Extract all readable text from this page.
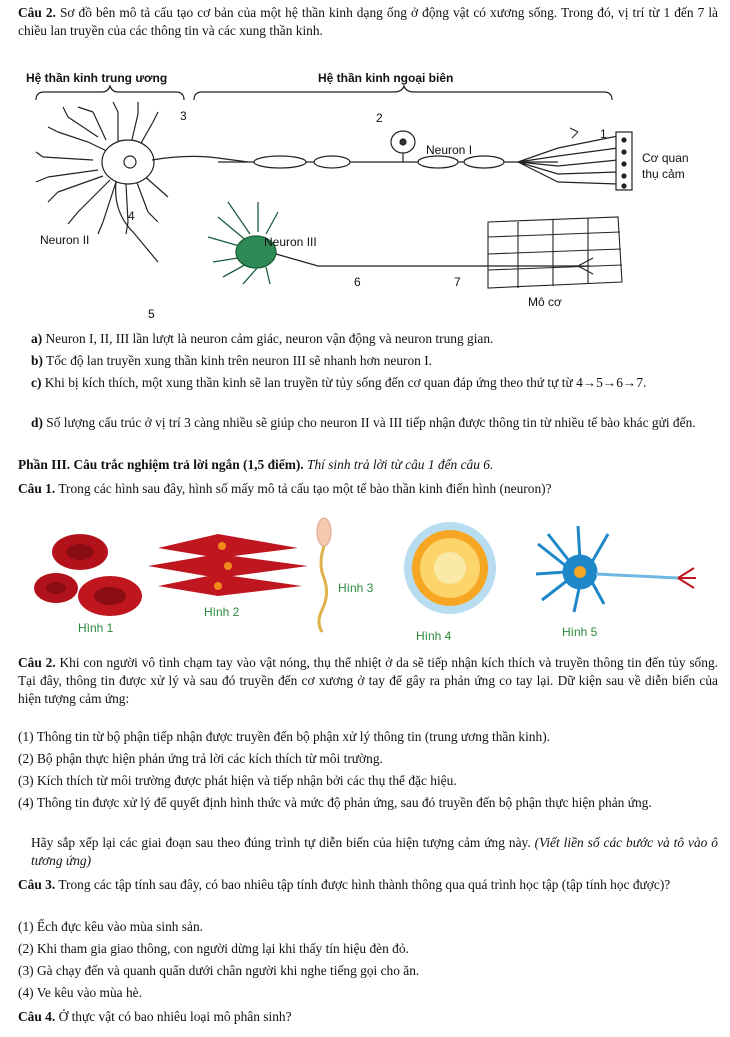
Câu 2. Sơ đồ bên mô tả cấu tạo cơ bản của một hệ thần kinh dạng ống ở động vật có xương sống. Trong đó, vị trí từ 1 đến 7 là chiều lan truyền của các thông tin và các xung thần kinh.
Hệ thần kinh trung ương	Hệ thần kinh ngoại biên
Neuron I
Neuron II	Neuron III
Cơ quan
thụ cảm
Mô cơ
1
2
3
4
5
6	7
a) Neuron I, II, III lần lượt là neuron cảm giác, neuron vận động và neuron trung gian.
b) Tốc độ lan truyền xung thần kinh trên neuron III sẽ nhanh hơn neuron I.
c) Khi bị kích thích, một xung thần kinh sẽ lan truyền từ tủy sống đến cơ quan đáp ứng theo thứ tự từ 4→5→6→7.
d) Số lượng cấu trúc ở vị trí 3 càng nhiều sẽ giúp cho neuron II và III tiếp nhận được thông tin từ nhiều tế bào khác gửi đến.
Phần III. Câu trắc nghiệm trả lời ngắn (1,5 điểm). Thí sinh trả lời từ câu 1 đến câu 6.
Câu 1. Trong các hình sau đây, hình số mấy mô tả cấu tạo một tế bào thần kinh điển hình (neuron)?
Hình 1
Hình 2
Hình 3
Hình 4	Hình 5
Câu 2. Khi con người vô tình chạm tay vào vật nóng, thụ thể nhiệt ở da sẽ tiếp nhận kích thích và truyền thông tin đến tủy sống. Tại đây, thông tin được xử lý và sau đó truyền đến cơ xương ở tay để gây ra phản ứng co tay lại. Dữ kiện sau về diễn biến của hiện tượng cảm ứng:
(1) Thông tin từ bộ phận tiếp nhận được truyền đến bộ phận xử lý thông tin (trung ương thần kinh).
(2) Bộ phận thực hiện phản ứng trả lời các kích thích từ môi trường.
(3) Kích thích từ môi trường được phát hiện và tiếp nhận bởi các thụ thể đặc hiệu.
(4) Thông tin được xử lý để quyết định hình thức và mức độ phản ứng, sau đó truyền đến bộ phận thực hiện phản ứng.
Hãy sắp xếp lại các giai đoạn sau theo đúng trình tự diễn biến của hiện tượng cảm ứng này. (Viết liền số các bước và tô vào ô tương ứng)
Câu 3. Trong các tập tính sau đây, có bao nhiêu tập tính được hình thành thông qua quá trình học tập (tập tính học được)?
(1) Ếch đực kêu vào mùa sinh sản.
(2) Khi tham gia giao thông, con người dừng lại khi thấy tín hiệu đèn đỏ.
(3) Gà chạy đến và quanh quẩn dưới chân người khi nghe tiếng gọi cho ăn.
(4) Ve kêu vào mùa hè.
Câu 4. Ở thực vật có bao nhiêu loại mô phân sinh?
